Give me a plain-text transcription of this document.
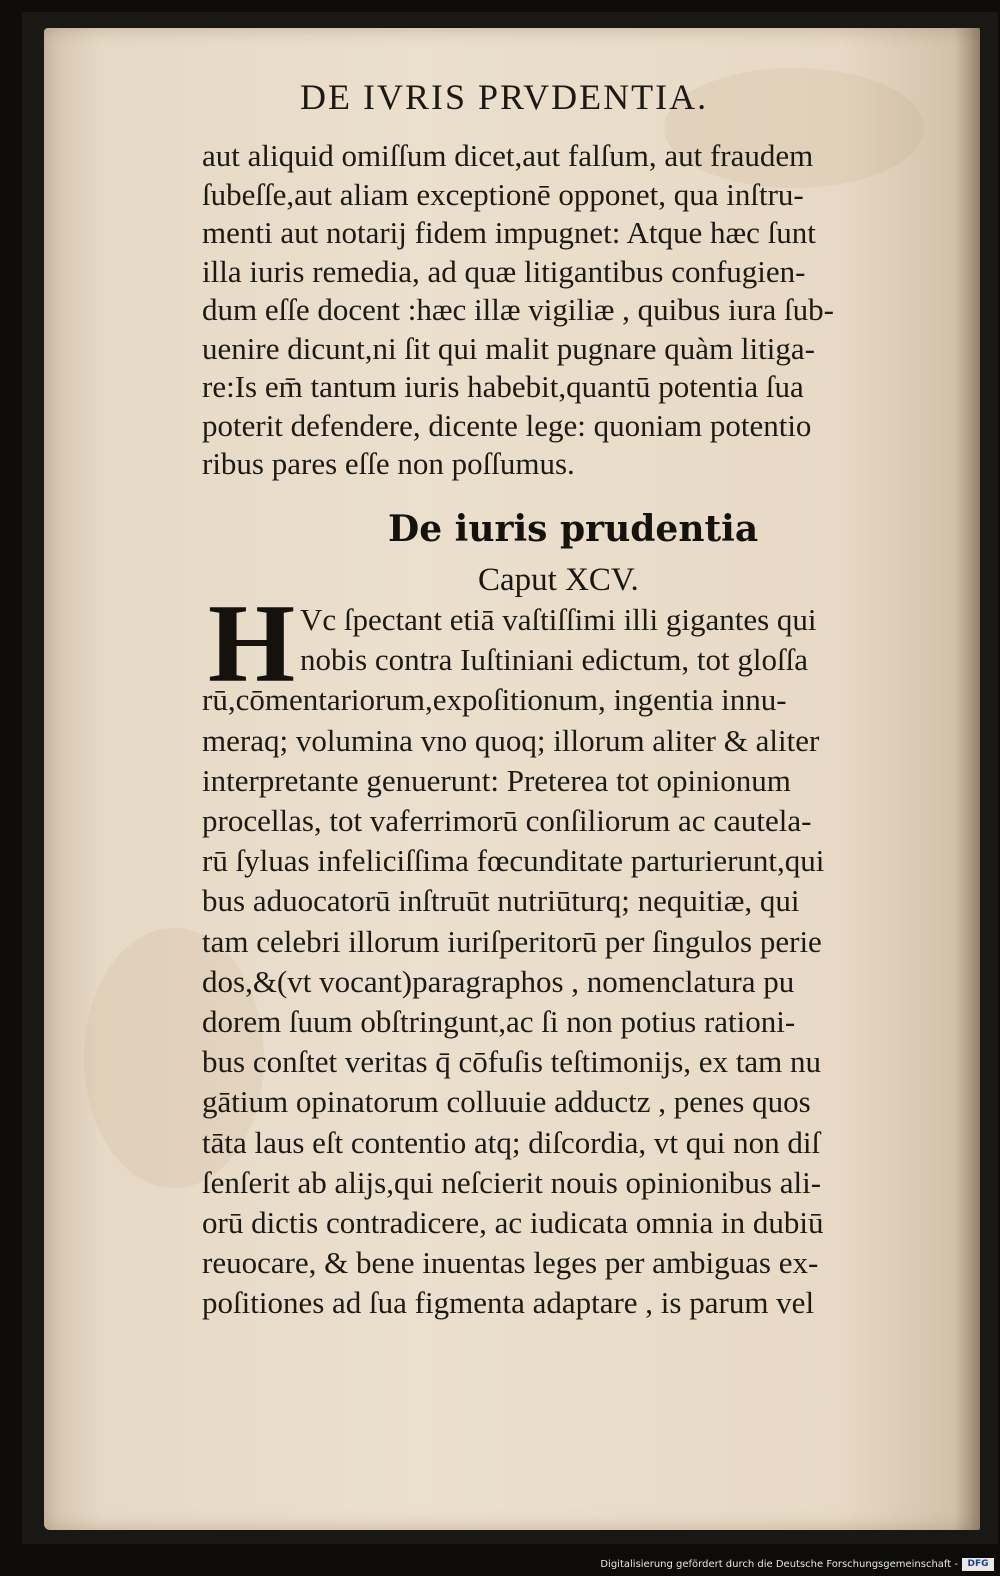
DE IVRIS PRVDENTIA.
aut aliquid omiſſum dicet,aut falſum, aut fraudem
ſubeſſe,aut aliam exceptionē opponet, qua inſtru-
menti aut notarij fidem impugnet: Atque hæc ſunt
illa iuris remedia, ad quæ litigantibus confugien-
dum eſſe docent :hæc illæ vigiliæ , quibus iura ſub-
uenire dicunt,ni ſit qui malit pugnare quàm litiga-
re:Is em̄ tantum iuris habebit,quantū potentia ſua
poterit defendere, dicente lege: quoniam potentio
ribus pares eſſe non poſſumus.
De iuris prudentia
Caput XCV.
H Vc ſpectant etiā vaſtiſſimi illi gigantes qui
nobis contra Iuſtiniani edictum, tot gloſſa
rū,cōmentariorum,expoſitionum, ingentia innu-
meraq; volumina vno quoq; illorum aliter & aliter
interpretante genuerunt: Preterea tot opinionum
procellas, tot vaferrimorū conſiliorum ac cautela-
rū ſyluas infeliciſſima fœcunditate parturierunt,qui
bus aduocatorū inſtruūt nutriūturq; nequitiæ, qui
tam celebri illorum iuriſperitorū per ſingulos perie
dos,&(vt vocant)paragraphos , nomenclatura pu
dorem ſuum obſtringunt,ac ſi non potius rationi-
bus conſtet veritas q̄ cōfuſis teſtimonijs, ex tam nu
gātium opinatorum colluuie adductz , penes quos
tāta laus eſt contentio atq; diſcordia, vt qui non diſ
ſenſerit ab alijs,qui neſcierit nouis opinionibus ali-
orū dictis contradicere, ac iudicata omnia in dubiū
reuocare, & bene inuentas leges per ambiguas ex-
poſitiones ad ſua figmenta adaptare , is parum vel
Digitalisierung gefördert durch die Deutsche Forschungsgemeinschaft -	DFG
